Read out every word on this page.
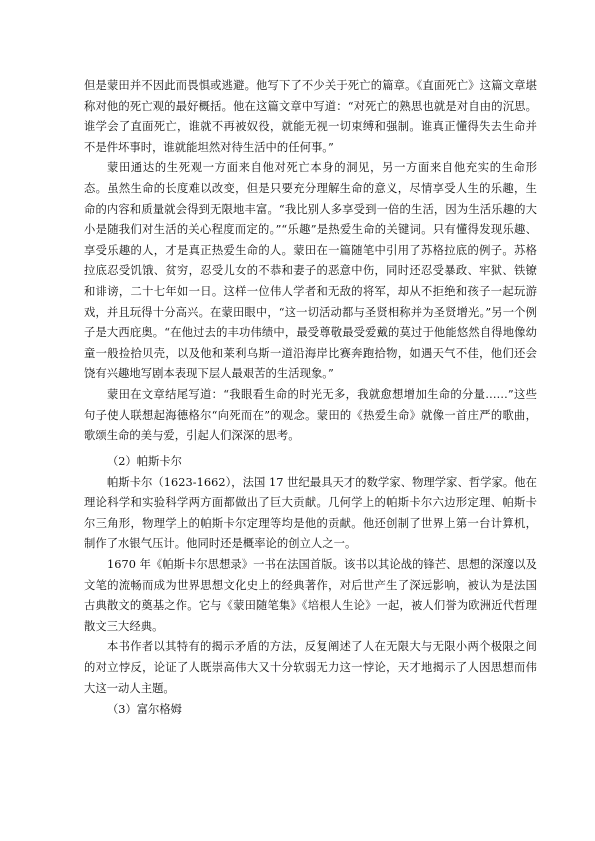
但是蒙田并不因此而畏惧或逃避。他写下了不少关于死亡的篇章。《直面死亡》这篇文章堪称对他的死亡观的最好概括。他在这篇文章中写道：“对死亡的熟思也就是对自由的沉思。谁学会了直面死亡，谁就不再被奴役，就能无视一切束缚和强制。谁真正懂得失去生命并不是件坏事时，谁就能坦然对待生活中的任何事。”

蒙田通达的生死观一方面来自他对死亡本身的洞见，另一方面来自他充实的生命形态。虽然生命的长度难以改变，但是只要充分理解生命的意义，尽情享受人生的乐趣，生命的内容和质量就会得到无限地丰富。“我比别人多享受到一倍的生活，因为生活乐趣的大小是随我们对生活的关心程度而定的。”“乐趣”是热爱生命的关键词。只有懂得发现乐趣、享受乐趣的人，才是真正热爱生命的人。蒙田在一篇随笔中引用了苏格拉底的例子。苏格拉底忍受饥饿、贫穷，忍受儿女的不恭和妻子的恶意中伤，同时还忍受暴政、牢狱、铁镣和诽谤，二十七年如一日。这样一位伟人学者和无敌的将军，却从不拒绝和孩子一起玩游戏，并且玩得十分高兴。在蒙田眼中，“这一切活动都与圣贤相称并为圣贤增光。”另一个例子是大西庇奥。“在他过去的丰功伟绩中，最受尊敬最受爱戴的莫过于他能悠然自得地像幼童一般捡拾贝壳，以及他和莱利乌斯一道沿海岸比赛奔跑拾物，如遇天气不佳，他们还会饶有兴趣地写剧本表现下层人最艰苦的生活现象。”

蒙田在文章结尾写道：“我眼看生命的时光无多，我就愈想增加生命的分量……”这些句子使人联想起海德格尔“向死而在”的观念。蒙田的《热爱生命》就像一首庄严的歌曲，歌颂生命的美与爱，引起人们深深的思考。

（2）帕斯卡尔

帕斯卡尔（1623-1662），法国 17 世纪最具天才的数学家、物理学家、哲学家。他在理论科学和实验科学两方面都做出了巨大贡献。几何学上的帕斯卡尔六边形定理、帕斯卡尔三角形，物理学上的帕斯卡尔定理等均是他的贡献。他还创制了世界上第一台计算机，制作了水银气压计。他同时还是概率论的创立人之一。

1670 年《帕斯卡尔思想录》一书在法国首版。该书以其论战的锋芒、思想的深邃以及文笔的流畅而成为世界思想文化史上的经典著作，对后世产生了深远影响，被认为是法国古典散文的奠基之作。它与《蒙田随笔集》《培根人生论》一起，被人们誉为欧洲近代哲理散文三大经典。

本书作者以其特有的揭示矛盾的方法，反复阐述了人在无限大与无限小两个极限之间的对立悖反，论证了人既崇高伟大又十分软弱无力这一悖论，天才地揭示了人因思想而伟大这一动人主题。

（3）富尔格姆
